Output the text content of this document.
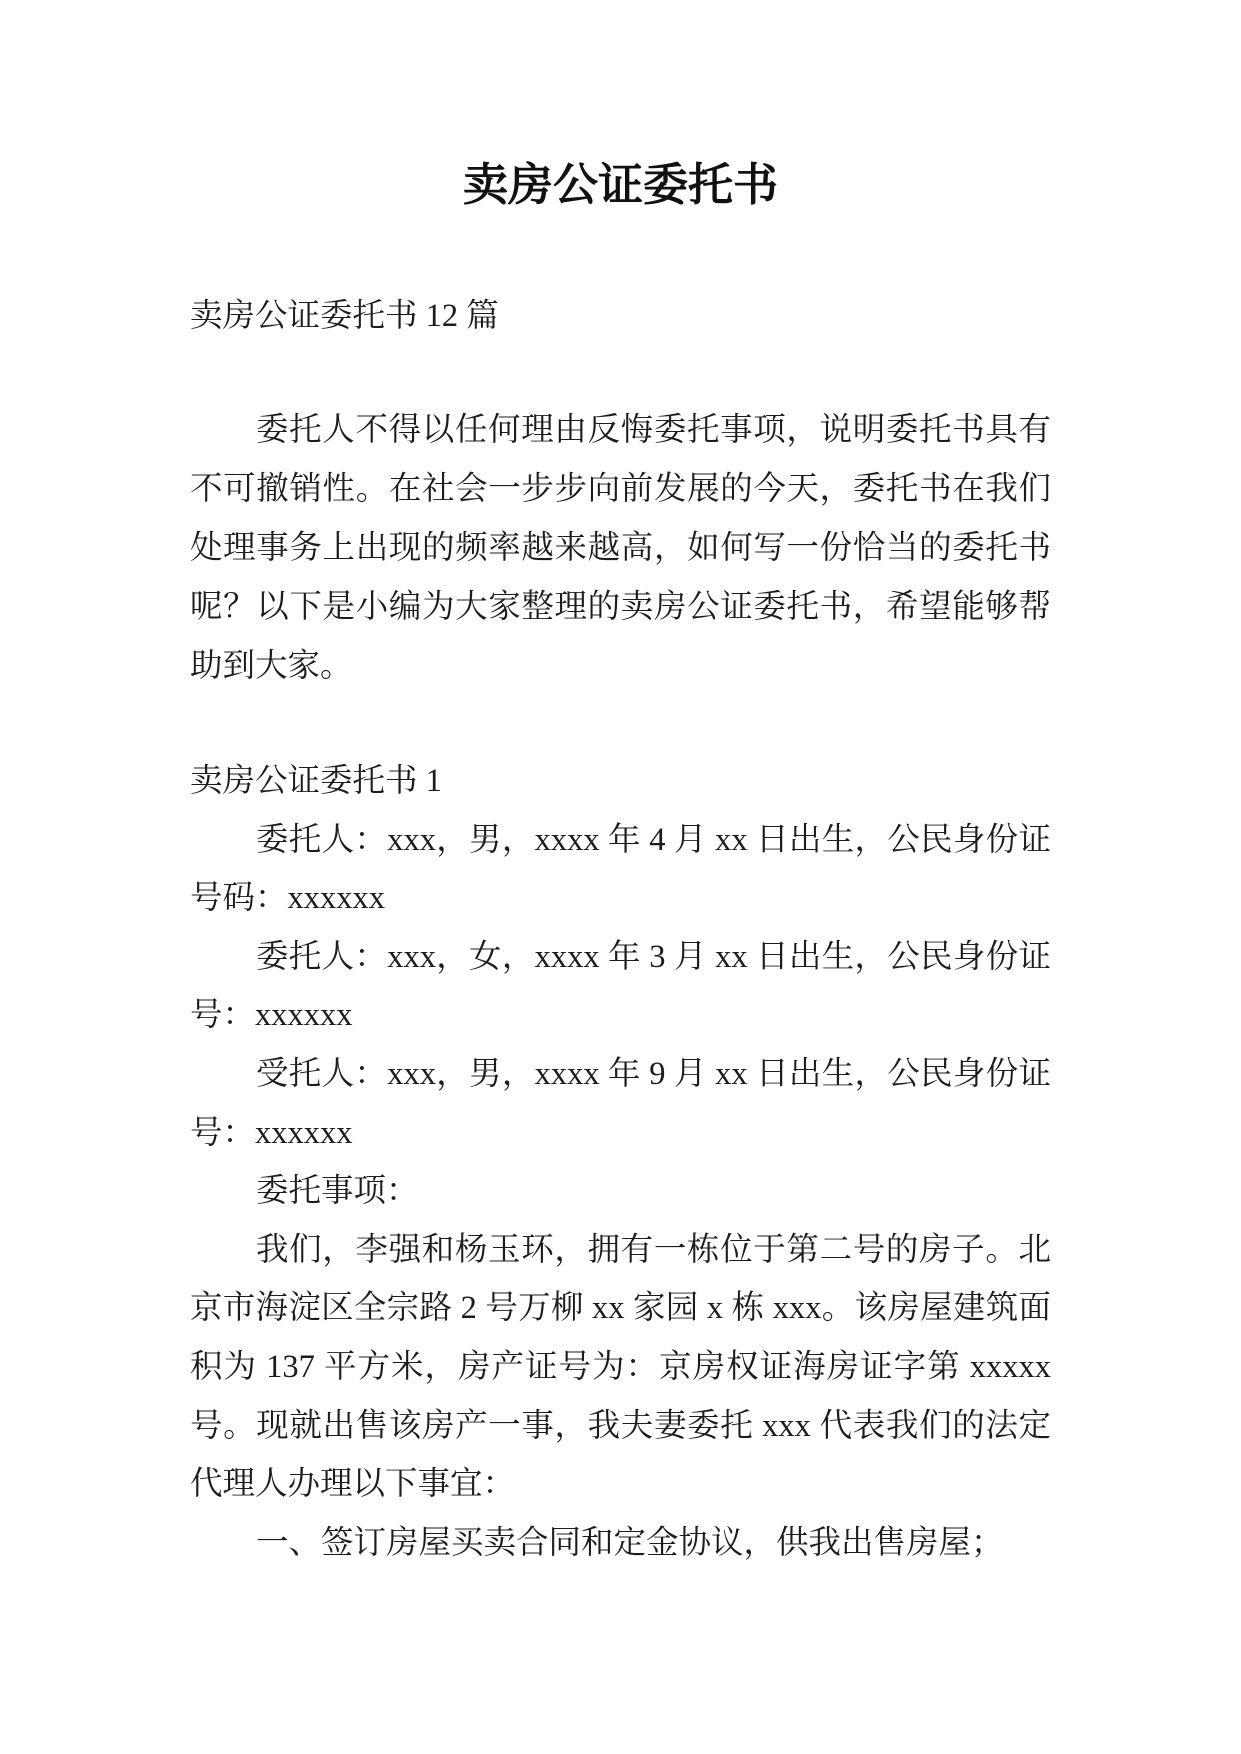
卖房公证委托书
卖房公证委托书 12 篇
委托人不得以任何理由反悔委托事项，说明委托书具有
不可撤销性。在社会一步步向前发展的今天，委托书在我们
处理事务上出现的频率越来越高，如何写一份恰当的委托书
呢？以下是小编为大家整理的卖房公证委托书，希望能够帮
助到大家。
卖房公证委托书 1
委托人：xxx，男，xxxx 年 4 月 xx 日出生，公民身份证
号码：xxxxxx
委托人：xxx，女，xxxx 年 3 月 xx 日出生，公民身份证
号：xxxxxx
受托人：xxx，男，xxxx 年 9 月 xx 日出生，公民身份证
号：xxxxxx
委托事项：
我们，李强和杨玉环，拥有一栋位于第二号的房子。北
京市海淀区全宗路 2 号万柳 xx 家园 x 栋 xxx。该房屋建筑面
积为 137 平方米，房产证号为：京房权证海房证字第 xxxxx
号。现就出售该房产一事，我夫妻委托 xxx 代表我们的法定
代理人办理以下事宜：
一、签订房屋买卖合同和定金协议，供我出售房屋；
